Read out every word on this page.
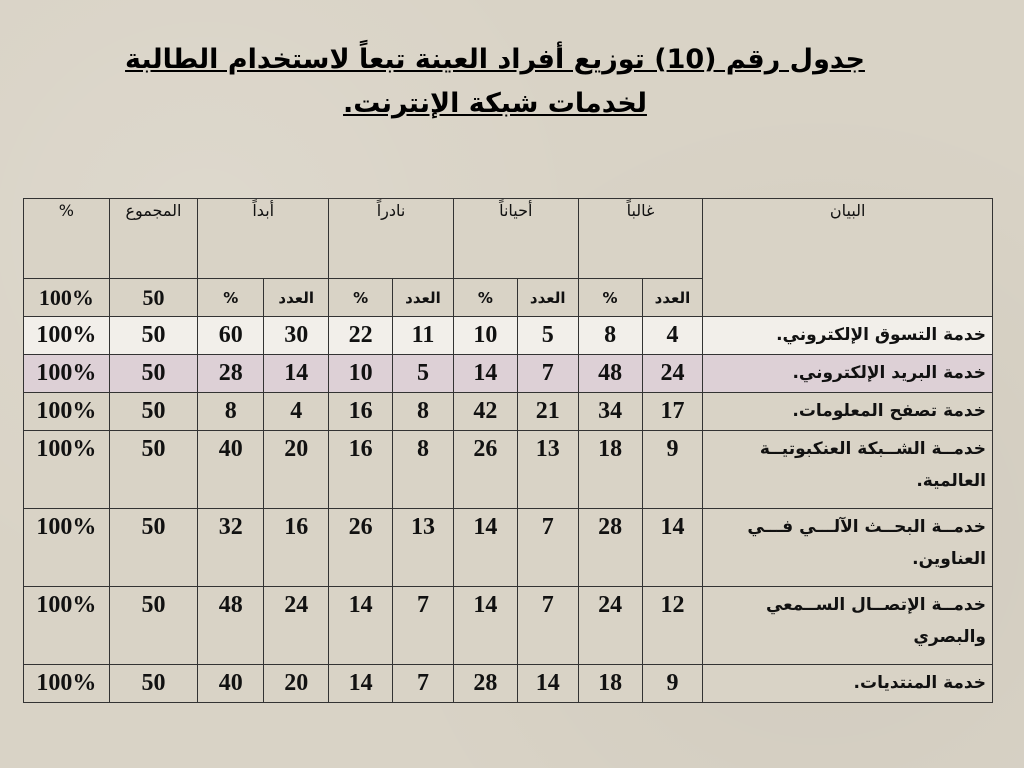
جدول رقم (10) توزيع أفراد العينة تبعاً لاستخدام الطالبة
لخدمات شبكة الإنترنت.
البيان	غالباً		أحياناً		نادراً		أبداً		المجموع	%
	العدد	%	العدد	%	العدد	%	العدد	%	50	100%
خدمة التسوق الإلكتروني.	4	8	5	10	11	22	30	60	50	100%
خدمة البريد الإلكتروني.	24	48	7	14	5	10	14	28	50	100%
خدمة تصفح المعلومات.	17	34	21	42	8	16	4	8	50	100%
خدمــة الشــبكة العنكبوتيــة العالمية.	9	18	13	26	8	16	20	40	50	100%
خدمــة البحــث الآلـــي فـــي العناوين.	14	28	7	14	13	26	16	32	50	100%
خدمــة الإتصــال الســمعي والبصري	12	24	7	14	7	14	24	48	50	100%
خدمة المنتديات.	9	18	14	28	7	14	20	40	50	100%
